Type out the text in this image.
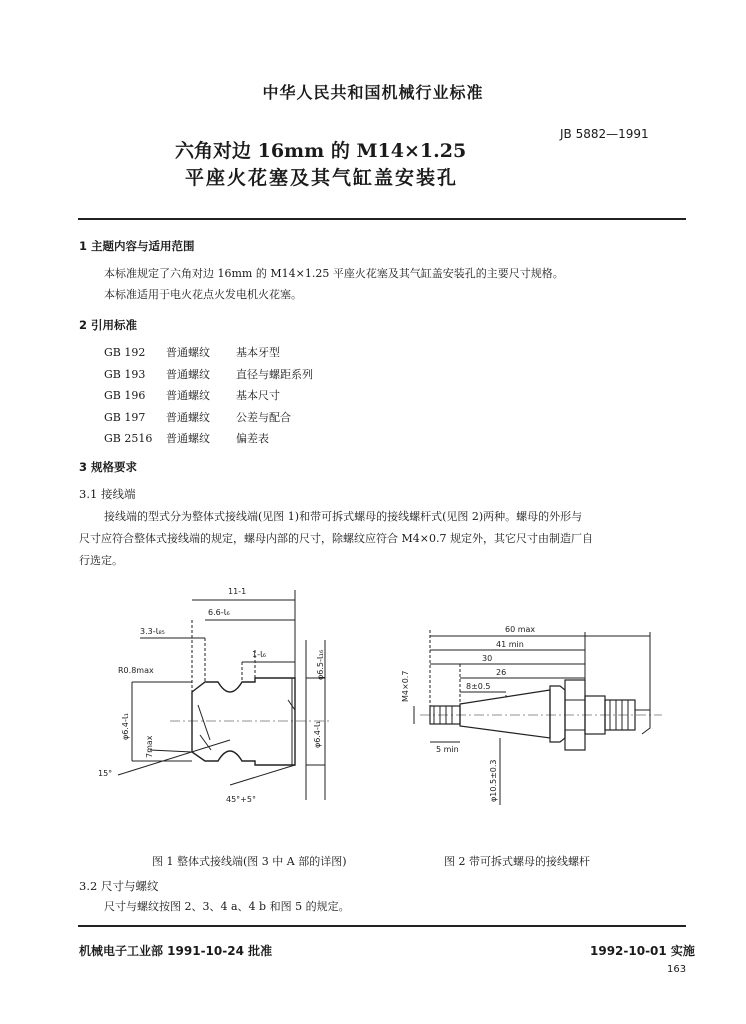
中华人民共和国机械行业标准
JB 5882—1991
六角对边 16mm 的 M14×1.25
平座火花塞及其气缸盖安装孔
1 主题内容与适用范围
本标准规定了六角对边 16mm 的 M14×1.25 平座火花塞及其气缸盖安装孔的主要尺寸规格。
本标准适用于电火花点火发电机火花塞。
2 引用标准
GB 192 普通螺纹 基本牙型
GB 193 普通螺纹 直径与螺距系列
GB 196 普通螺纹 基本尺寸
GB 197 普通螺纹 公差与配合
GB 2516 普通螺纹 偏差表
3 规格要求
3.1 接线端
接线端的型式分为整体式接线端(见图 1)和带可拆式螺母的接线螺杆式(见图 2)两种。螺母的外形与
尺寸应符合整体式接线端的规定，螺母内部的尺寸，除螺纹应符合 M4×0.7 规定外，其它尺寸由制造厂自
行选定。
11-1
6.6-Ɩ₆
3.3-Ɩ₈₅
1-Ɩ₆
R0.8max
φ6.4-Ɩ₁
φ6.5-Ɩ₁₆
φ6.4-Ɩ₁
7max
15°
45°+5°
60 max
41 min
30
26
8±0.5
5 min
M4×0.7
φ10.5±0.3
图 1 整体式接线端(图 3 中 A 部的详图)	图 2 带可拆式螺母的接线螺杆
3.2 尺寸与螺纹
尺寸与螺纹按图 2、3、4 a、4 b 和图 5 的规定。
机械电子工业部 1991-10-24 批准	1992-10-01 实施
163
